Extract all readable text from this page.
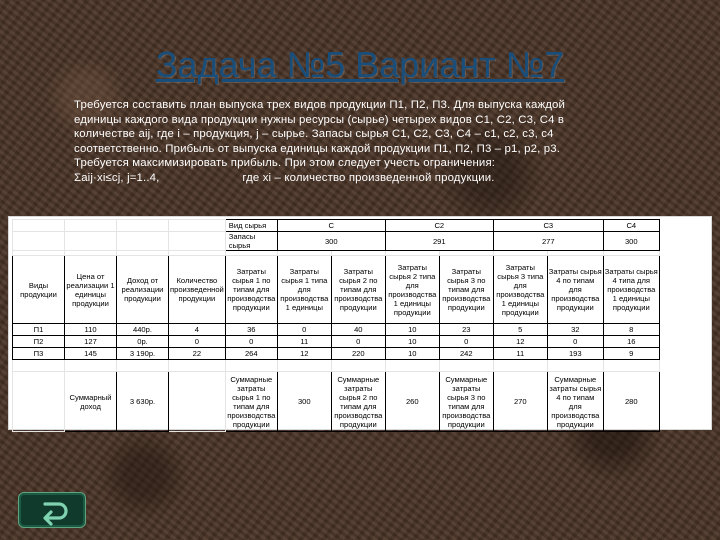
Задача №5 Вариант №7
Требуется составить план выпуска трех видов продукции П1, П2, П3. Для выпуска каждой
единицы каждого вида продукции нужны ресурсы (сырье) четырех видов С1, С2, С3, С4 в
количестве aij, где i – продукция, j – сырье. Запасы сырья С1, С2, С3, С4 – с1, с2, с3, с4
соответственно. Прибыль от выпуска единицы каждой продукции П1, П2, П3 – р1, р2, р3.
Требуется максимизировать прибыль. При этом следует учесть ограничения:
Σaij·xi≤cj, j=1..4,                         где xi – количество произведенной продукции.
				Вид сырья	С		С2		С3		С4
				Запасы сырья	300		291		277		300

Виды продукции	Цена от реализации 1 единицы продукции	Доход от реализации продукции	Количество произведенной продукции	Затраты сырья 1 по типам для производства продукции	Затраты сырья 1 типа для производства 1 единицы	Затраты сырья 2 по типам для производства продукции	Затраты сырья 2 типа для производства 1 единицы продукции	Затраты сырья 3 по типам для производства продукции	Затраты сырья 3 типа для производства 1 единицы продукции	Затраты сырья 4 по типам для производства продукции	Затраты сырья 4 типа для производства 1 единицы продукции
П1	110	440р.	4	36	0	40	10	23	5	32	8
П2	127	0р.	0	0	11	0	10	0	12	0	16
П3	145	3 190р.	22	264	12	220	10	242	11	193	9

	Суммарный доход	3 630р.		Суммарные затраты сырья 1 по типам для производства продукции	300	Суммарные затраты сырья 2 по типам для производства продукции	260	Суммарные затраты сырья 3 по типам для производства продукции	270	Суммарные затраты сырья 4 по типам для производства продукции	280
